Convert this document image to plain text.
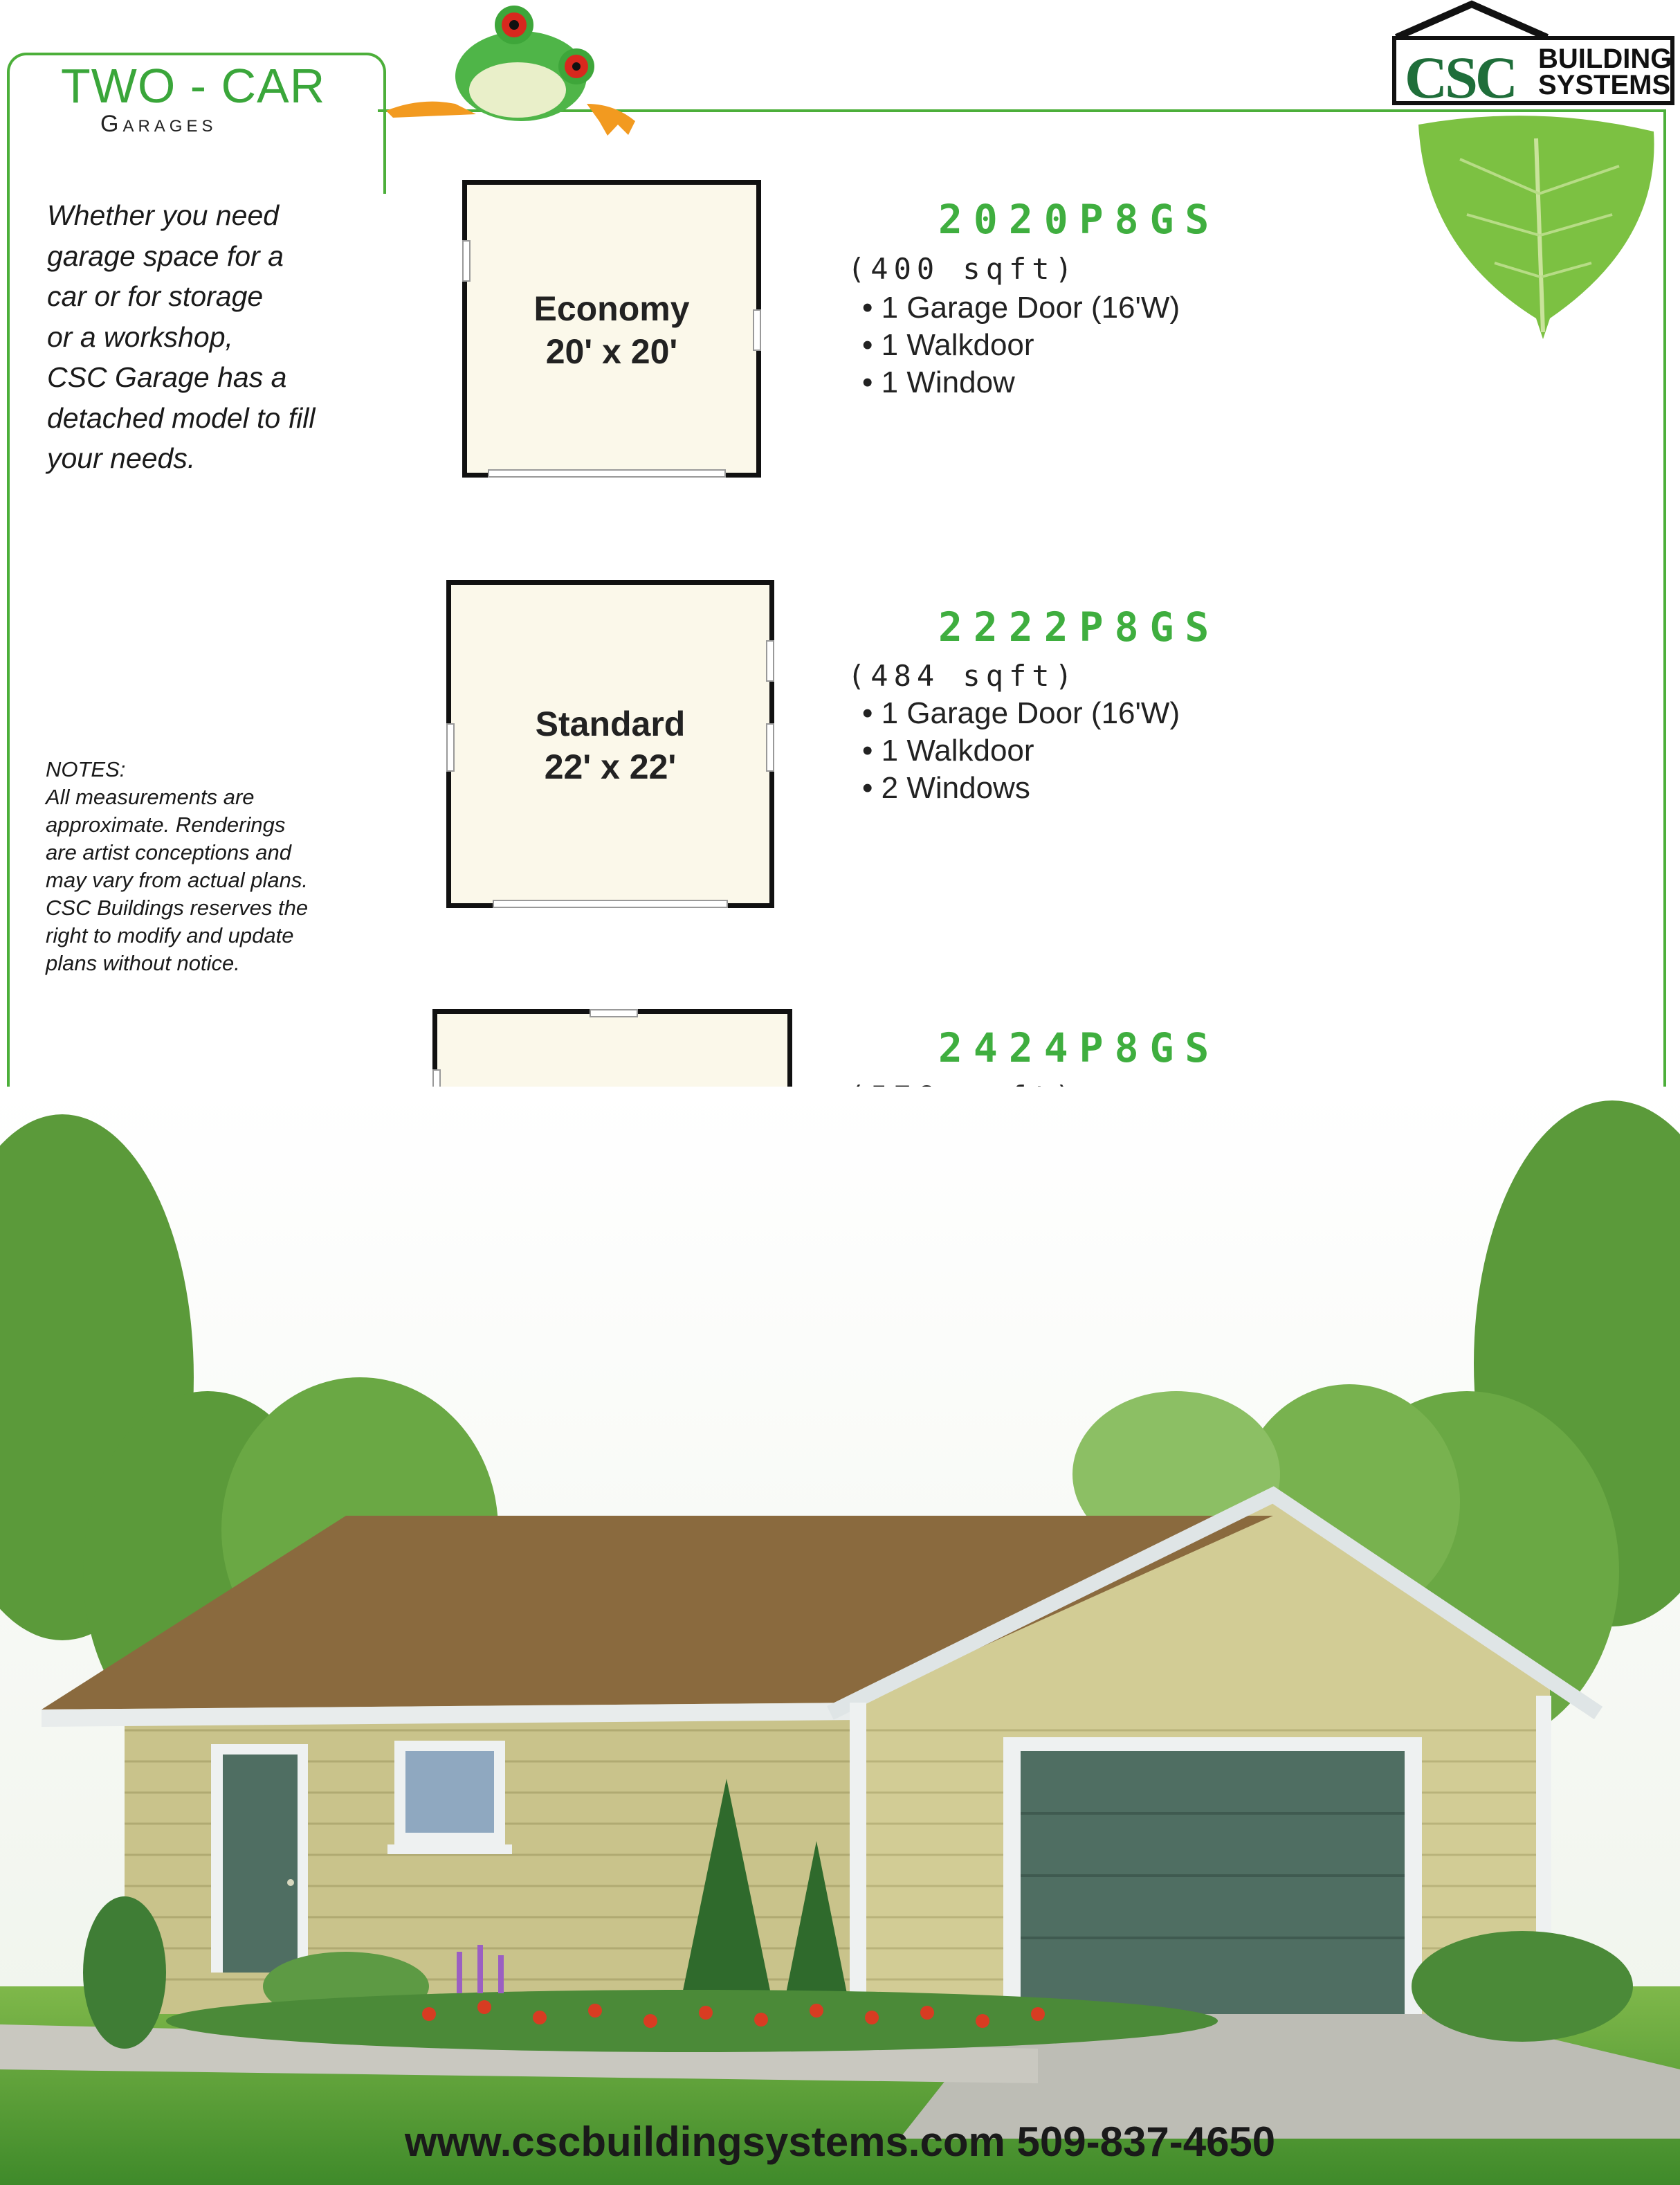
TWO - CAR
Garages
CSC BUILDING
SYSTEMS
Whether you need
garage space for a
car or for storage
or a workshop,
CSC Garage has a
detached model to fill
your needs.
NOTES:
All measurements are
approximate. Renderings
are artist conceptions and
may vary from actual plans.
CSC Buildings reserves the
right to modify and update
plans without notice.
Economy
20' x 20'
Standard
22' x 22'
2020P8GS
(400 sqft)
• 1 Garage Door (16'W)
• 1 Walkdoor
• 1 Window
2222P8GS
(484 sqft)
• 1 Garage Door (16'W)
• 1 Walkdoor
• 2 Windows
2424P8GS
•
•
•
www.cscbuildingsystems.com 509-837-4650
